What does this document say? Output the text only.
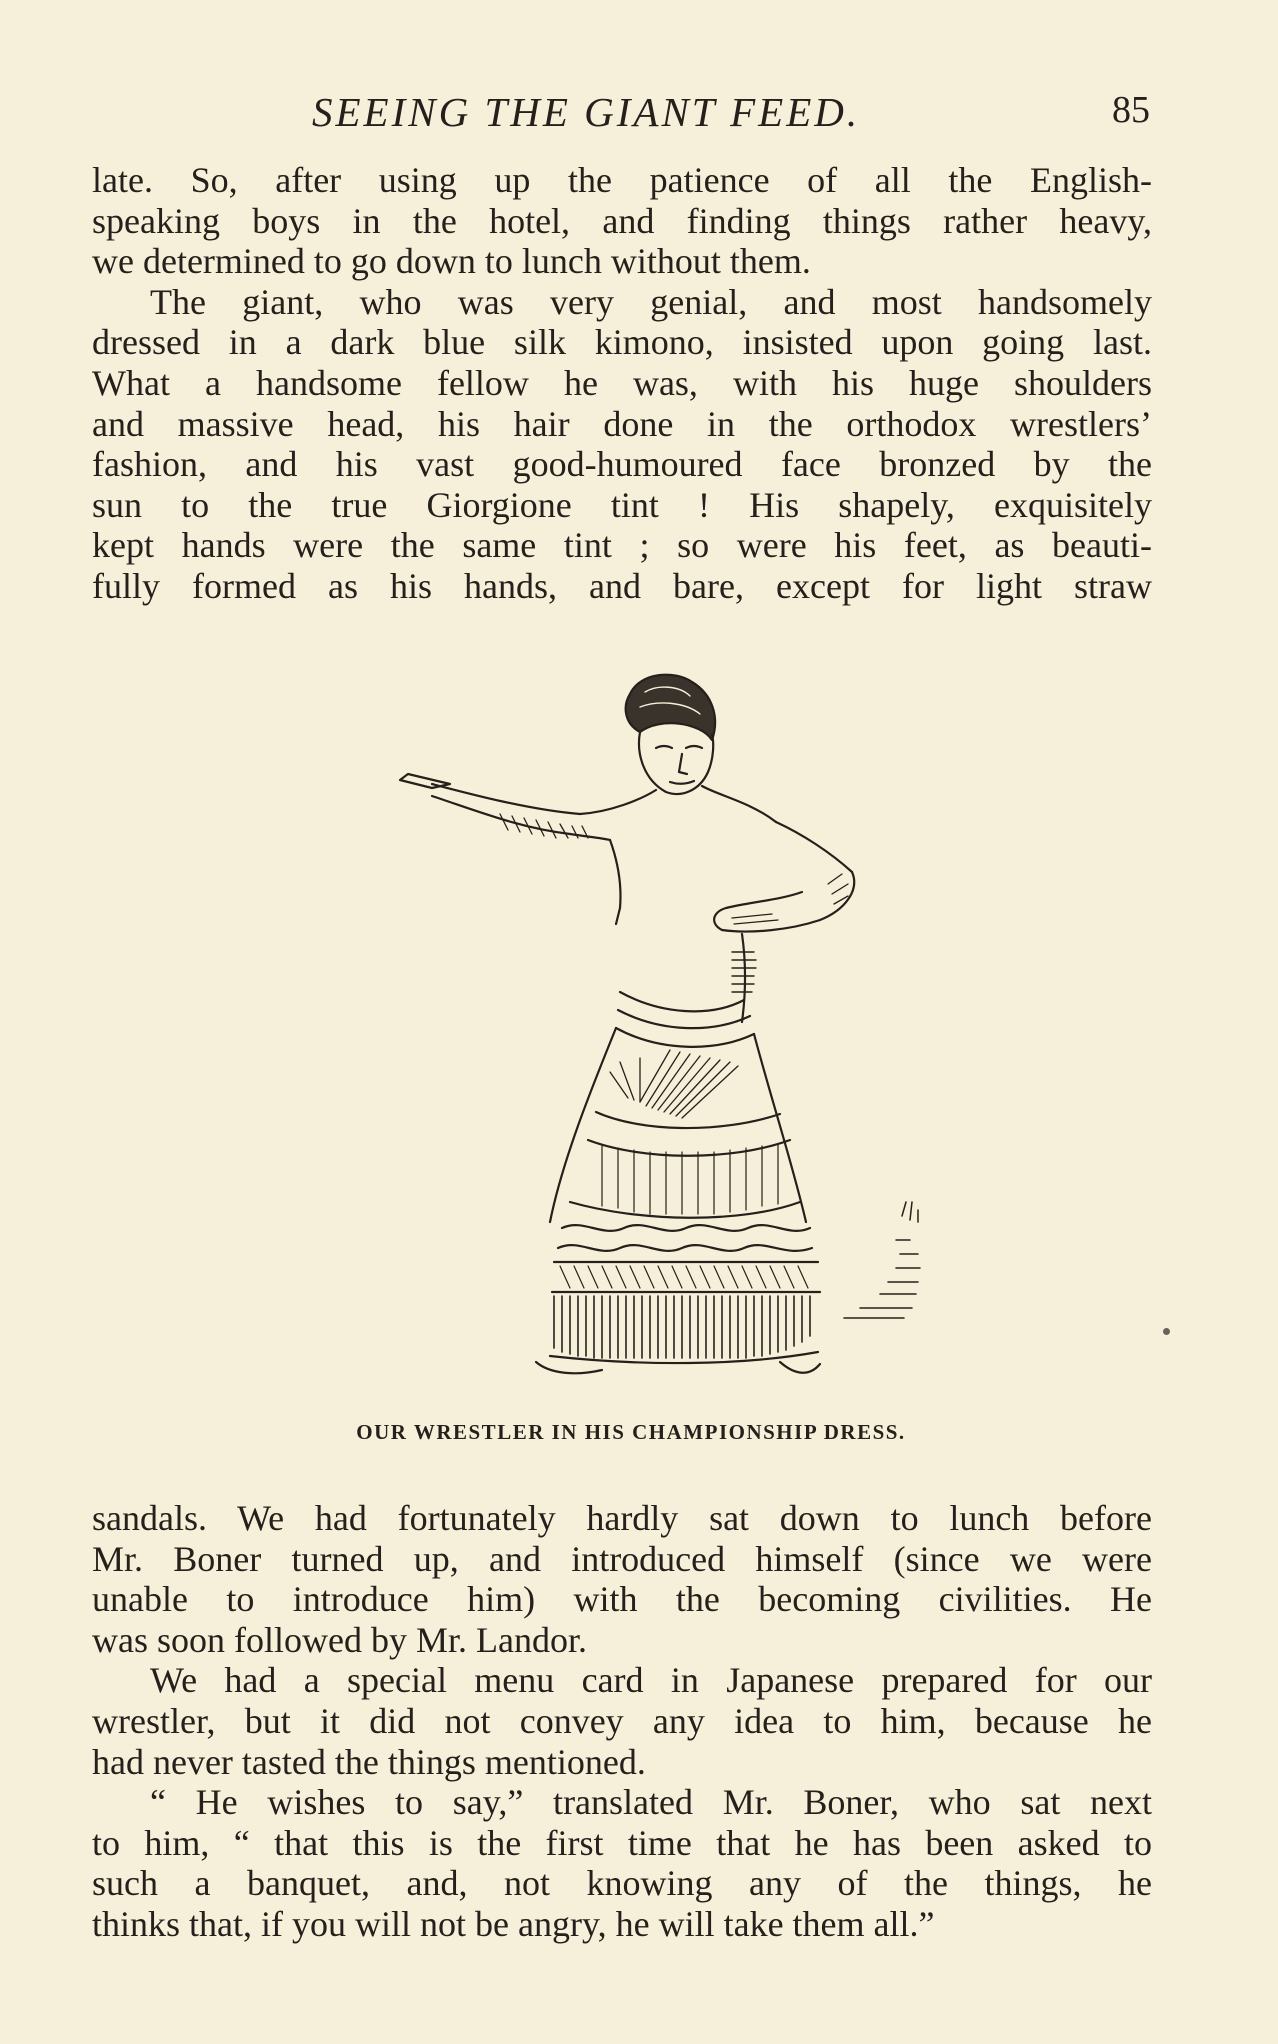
SEEING THE GIANT FEED.	85

late. So, after using up the patience of all the English-

speaking boys in the hotel, and finding things rather heavy,

we determined to go down to lunch without them.

The giant, who was very genial, and most handsomely

dressed in a dark blue silk kimono, insisted upon going last.

What a handsome fellow he was, with his huge shoulders

and massive head, his hair done in the orthodox wrestlers’

fashion, and his vast good-humoured face bronzed by the

sun to the true Giorgione tint ! His shapely, exquisitely

kept hands were the same tint ; so were his feet, as beauti-

fully formed as his hands, and bare, except for light straw

OUR WRESTLER IN HIS CHAMPIONSHIP DRESS.

sandals. We had fortunately hardly sat down to lunch before

Mr. Boner turned up, and introduced himself (since we were

unable to introduce him) with the becoming civilities. He

was soon followed by Mr. Landor.

We had a special menu card in Japanese prepared for our

wrestler, but it did not convey any idea to him, because he

had never tasted the things mentioned.

“ He wishes to say,” translated Mr. Boner, who sat next

to him, “ that this is the first time that he has been asked to

such a banquet, and, not knowing any of the things, he

thinks that, if you will not be angry, he will take them all.”
